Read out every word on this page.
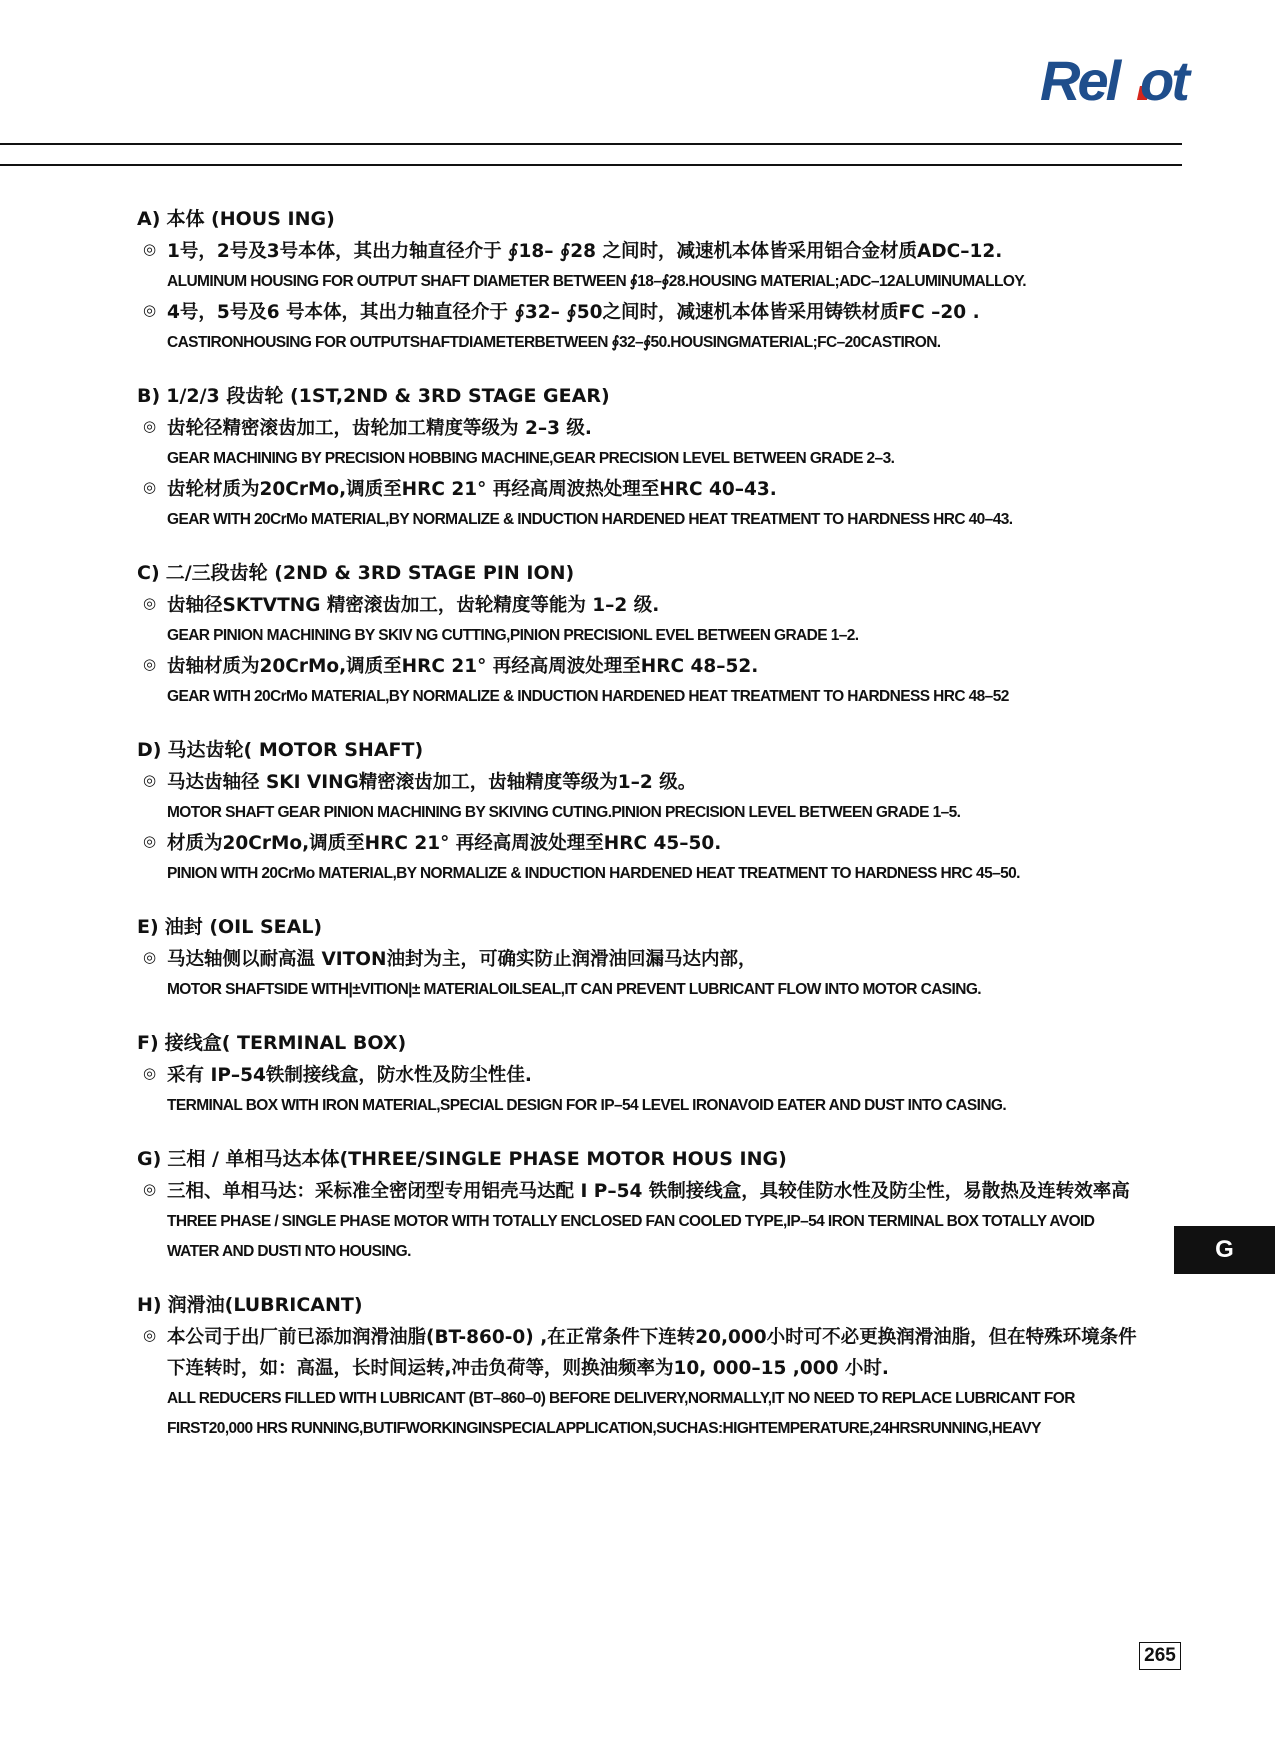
Rel ot
A) 本体 (HOUS ING)
◎ 1号，2号及3号本体，其出力轴直径介于 ∮18– ∮28 之间时，减速机本体皆采用铝合金材质ADC–12.
ALUMINUM HOUSING FOR OUTPUT SHAFT DIAMETER BETWEEN ∮18–∮28.HOUSING MATERIAL;ADC–12ALUMINUMALLOY.
◎ 4号，5号及6 号本体，其出力轴直径介于 ∮32– ∮50之间时，减速机本体皆采用铸铁材质FC –20 .
CASTIRONHOUSING FOR OUTPUTSHAFTDIAMETERBETWEEN ∮32–∮50.HOUSINGMATERIAL;FC–20CASTIRON.
B) 1/2/3 段齿轮 (1ST,2ND & 3RD STAGE GEAR)
◎ 齿轮径精密滚齿加工，齿轮加工精度等级为 2–3 级.
GEAR MACHINING BY PRECISION HOBBING MACHINE,GEAR PRECISION LEVEL BETWEEN GRADE 2–3.
◎ 齿轮材质为20CrMo,调质至HRC 21° 再经高周波热处理至HRC 40–43.
GEAR WITH 20CrMo MATERIAL,BY NORMALIZE & INDUCTION HARDENED HEAT TREATMENT TO HARDNESS HRC 40–43.
C) 二/三段齿轮 (2ND & 3RD STAGE PIN ION)
◎ 齿轴径SKTVTNG 精密滚齿加工，齿轮精度等能为 1–2 级.
GEAR PINION MACHINING BY SKIV NG CUTTING,PINION PRECISIONL EVEL BETWEEN GRADE 1–2.
◎ 齿轴材质为20CrMo,调质至HRC 21° 再经高周波处理至HRC 48–52.
GEAR WITH 20CrMo MATERIAL,BY NORMALIZE & INDUCTION HARDENED HEAT TREATMENT TO HARDNESS HRC 48–52
D) 马达齿轮( MOTOR SHAFT)
◎ 马达齿轴径 SKI VING精密滚齿加工，齿轴精度等级为1–2 级。
MOTOR SHAFT GEAR PINION MACHINING BY SKIVING CUTING.PINION PRECISION LEVEL BETWEEN GRADE 1–5.
◎ 材质为20CrMo,调质至HRC 21° 再经高周波处理至HRC 45–50.
PINION WITH 20CrMo MATERIAL,BY NORMALIZE & INDUCTION HARDENED HEAT TREATMENT TO HARDNESS HRC 45–50.
E) 油封 (OIL SEAL)
◎ 马达轴侧以耐高温 VITON油封为主，可确实防止润滑油回漏马达内部，
MOTOR SHAFTSIDE WITH|±VITION|± MATERIALOILSEAL,IT CAN PREVENT LUBRICANT FLOW INTO MOTOR CASING.
F) 接线盒( TERMINAL BOX)
◎ 采有 IP–54铁制接线盒，防水性及防尘性佳.
TERMINAL BOX WITH IRON MATERIAL,SPECIAL DESIGN FOR IP–54 LEVEL IRONAVOID EATER AND DUST INTO CASING.
G) 三相 / 单相马达本体(THREE/SINGLE PHASE MOTOR HOUS ING)
◎ 三相、单相马达：采标准全密闭型专用铝壳马达配 I P–54 铁制接线盒，具较佳防水性及防尘性，易散热及连转效率高
THREE PHASE / SINGLE PHASE MOTOR WITH TOTALLY ENCLOSED FAN COOLED TYPE,IP–54 IRON TERMINAL BOX TOTALLY AVOID WATER AND DUSTI NTO HOUSING.
H) 润滑油(LUBRICANT)
◎ 本公司于出厂前已添加润滑油脂(BT-860-0) ,在正常条件下连转20,000小时可不必更换润滑油脂，但在特殊环境条件下连转时，如：高温，长时间运转,冲击负荷等，则换油频率为10, 000–15 ,000 小时.
ALL REDUCERS FILLED WITH LUBRICANT (BT–860–0) BEFORE DELIVERY,NORMALLY,IT NO NEED TO REPLACE LUBRICANT FOR FIRST20,000 HRS RUNNING,BUTIFWORKINGINSPECIALAPPLICATION,SUCHAS:HIGHTEMPERATURE,24HRSRUNNING,HEAVY
G
265
